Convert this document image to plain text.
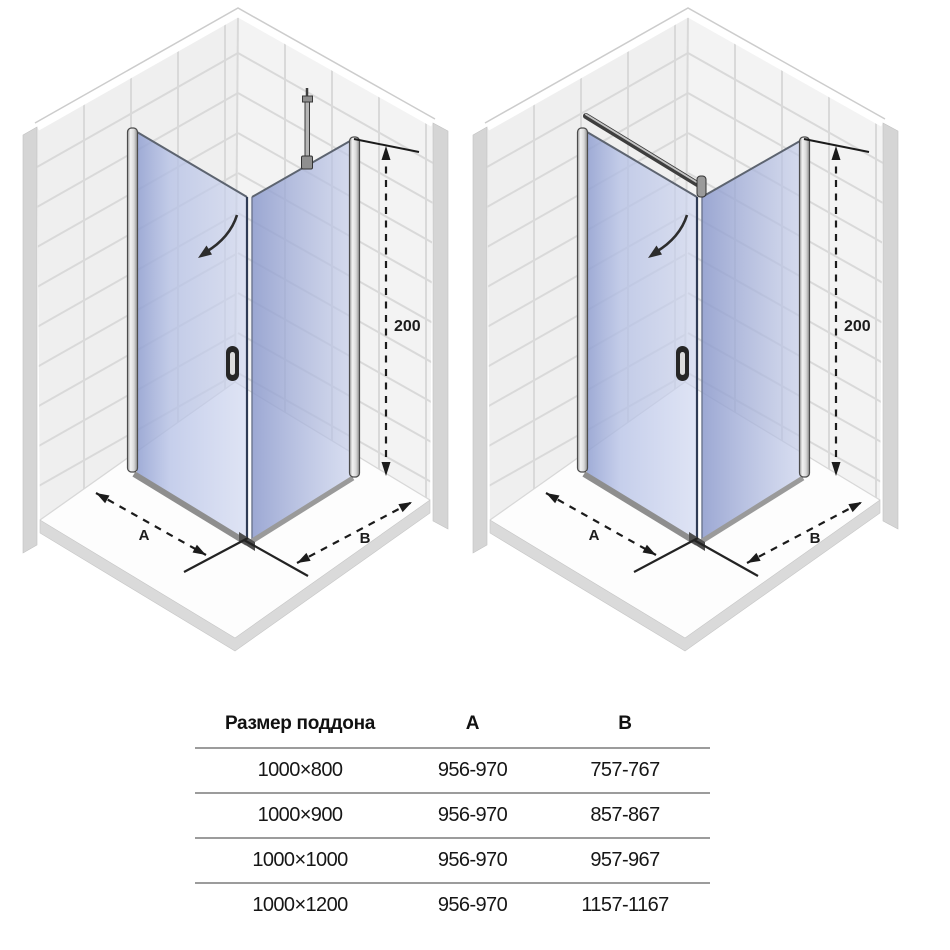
200
A	B
200
A	B
Размер поддона	A	B
1000×800	956-970	757-767
1000×900	956-970	857-867
1000×1000	956-970	957-967
1000×1200	956-970	1157-1167
